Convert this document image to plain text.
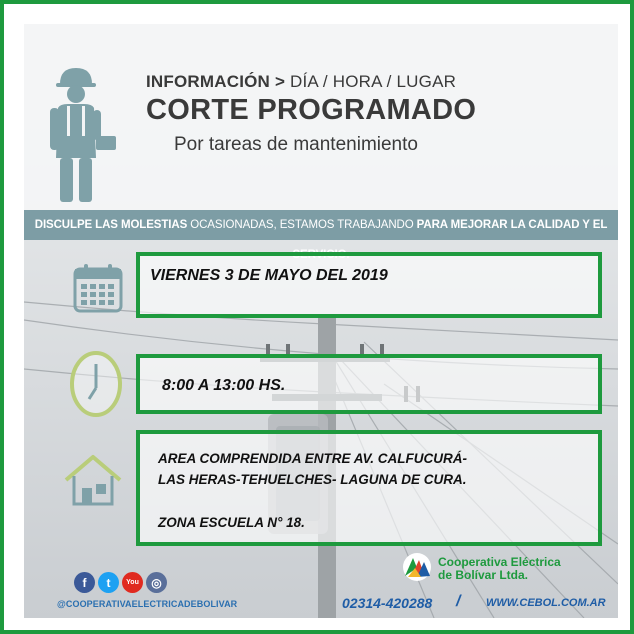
INFORMACIÓN > DÍA / HORA / LUGAR
CORTE PROGRAMADO
Por tareas de mantenimiento
DISCULPE LAS MOLESTIAS OCASIONADAS, ESTAMOS TRABAJANDO PARA MEJORAR LA CALIDAD Y EL
VIERNES 3 DE MAYO DEL 2019
8:00 A 13:00 HS.
AREA COMPRENDIDA ENTRE AV. CALFUCURÁ-
LAS HERAS-TEHUELCHES- LAGUNA DE CURA.
ZONA ESCUELA N° 18.
f	t	You	◎
@COOPERATIVAELECTRICADEBOLIVAR
Cooperativa Eléctrica
de Bolívar Ltda.
02314-420288 / WWW.CEBOL.COM.AR
